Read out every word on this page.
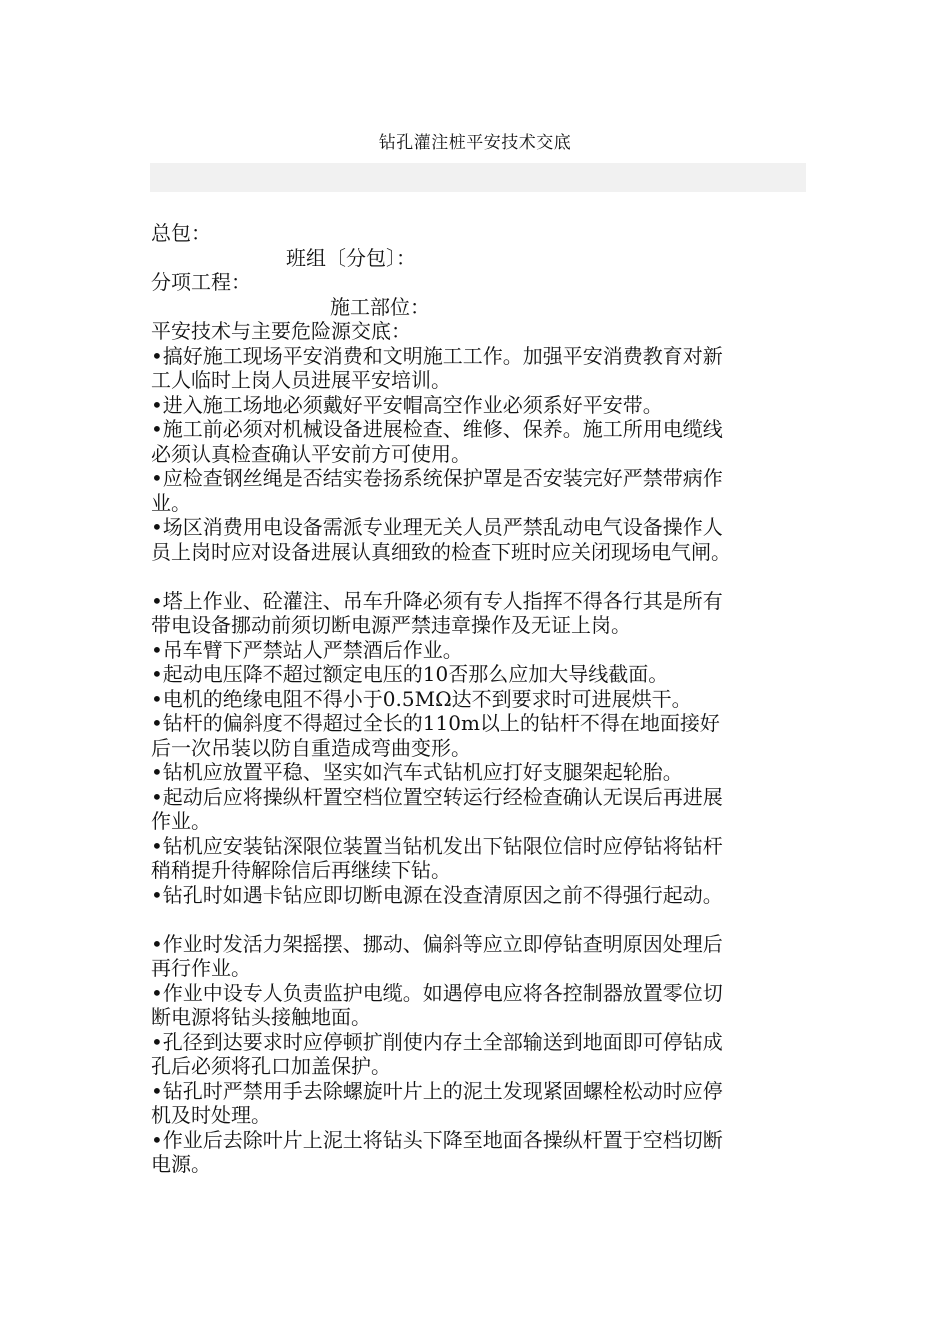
钻孔灌注桩平安技术交底
总包：
班组〔分包〕：
分项工程：
施工部位：
平安技术与主要危险源交底：
•搞好施工现场平安消费和文明施工工作。加强平安消费教育对新
工人临时上岗人员进展平安培训。
•进入施工场地必须戴好平安帽高空作业必须系好平安带。
•施工前必须对机械设备进展检查、维修、保养。施工所用电缆线
必须认真检查确认平安前方可使用。
•应检查钢丝绳是否结实卷扬系统保护罩是否安装完好严禁带病作
业。
•场区消费用电设备需派专业理无关人员严禁乱动电气设备操作人
员上岗时应对设备进展认真细致的检查下班时应关闭现场电气闸。
•塔上作业、砼灌注、吊车升降必须有专人指挥不得各行其是所有
带电设备挪动前须切断电源严禁违章操作及无证上岗。
•吊车臂下严禁站人严禁酒后作业。
•起动电压降不超过额定电压的10否那么应加大导线截面。
•电机的绝缘电阻不得小于0.5MΩ达不到要求时可进展烘干。
•钻杆的偏斜度不得超过全长的110m以上的钻杆不得在地面接好
后一次吊装以防自重造成弯曲变形。
•钻机应放置平稳、坚实如汽车式钻机应打好支腿架起轮胎。
•起动后应将操纵杆置空档位置空转运行经检查确认无误后再进展
作业。
•钻机应安装钻深限位装置当钻机发出下钻限位信时应停钻将钻杆
稍稍提升待解除信后再继续下钻。
•钻孔时如遇卡钻应即切断电源在没查清原因之前不得强行起动。
•作业时发活力架摇摆、挪动、偏斜等应立即停钻查明原因处理后
再行作业。
•作业中设专人负责监护电缆。如遇停电应将各控制器放置零位切
断电源将钻头接触地面。
•孔径到达要求时应停顿扩削使内存土全部输送到地面即可停钻成
孔后必须将孔口加盖保护。
•钻孔时严禁用手去除螺旋叶片上的泥土发现紧固螺栓松动时应停
机及时处理。
•作业后去除叶片上泥土将钻头下降至地面各操纵杆置于空档切断
电源。
